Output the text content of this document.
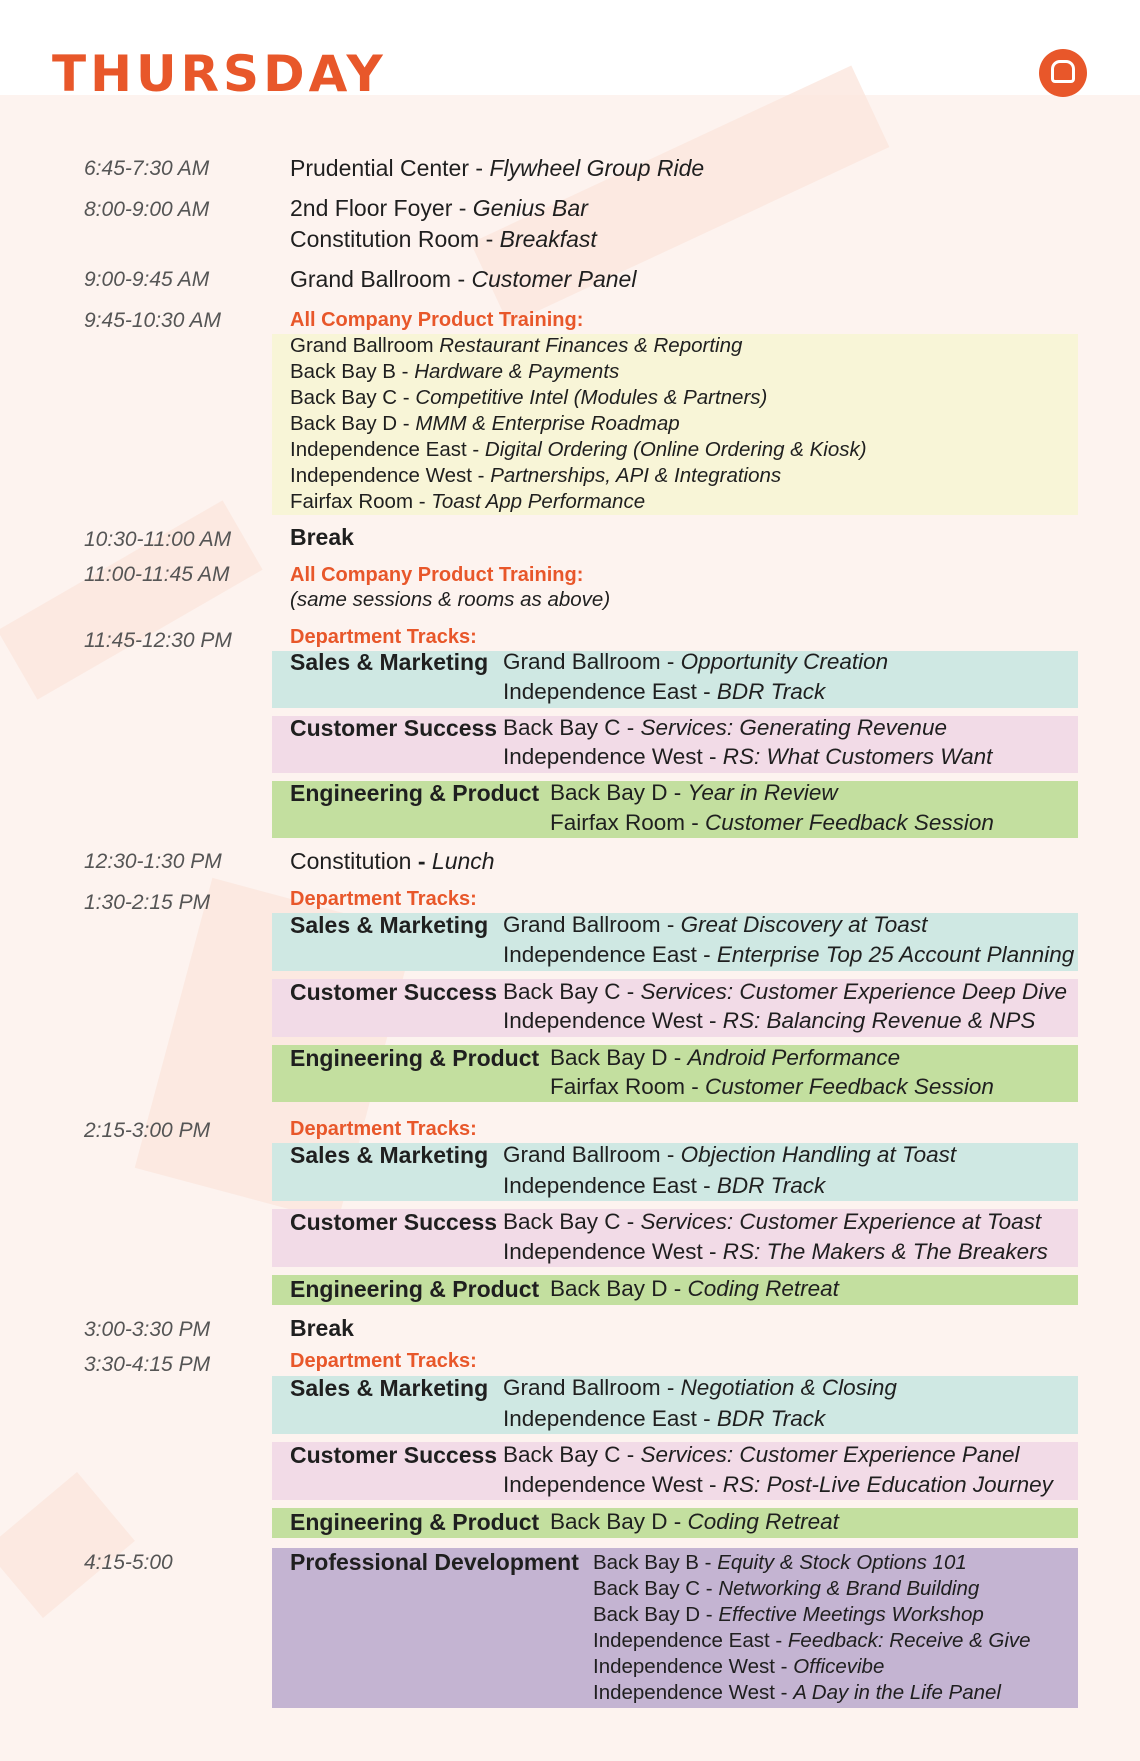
THURSDAY
6:45-7:30 AM	Prudential Center - Flywheel Group Ride
8:00-9:00 AM	2nd Floor Foyer - Genius Bar
Constitution Room - Breakfast
9:00-9:45 AM	Grand Ballroom - Customer Panel
9:45-10:30 AM	All Company Product Training:
Grand Ballroom Restaurant Finances & Reporting
Back Bay B - Hardware & Payments
Back Bay C - Competitive Intel (Modules & Partners)
Back Bay D - MMM & Enterprise Roadmap
Independence East - Digital Ordering (Online Ordering & Kiosk)
Independence West - Partnerships, API & Integrations
Fairfax Room - Toast App Performance
10:30-11:00 AM	Break
11:00-11:45 AM	All Company Product Training:
(same sessions & rooms as above)
11:45-12:30 PM	Department Tracks:
Sales & Marketing Grand Ballroom - Opportunity Creation
Independence East - BDR Track
Customer Success Back Bay C - Services: Generating Revenue
Independence West - RS: What Customers Want
Engineering & Product Back Bay D - Year in Review
Fairfax Room - Customer Feedback Session
12:30-1:30 PM	Constitution - Lunch
1:30-2:15 PM	Department Tracks:
Sales & Marketing Grand Ballroom - Great Discovery at Toast
Independence East - Enterprise Top 25 Account Planning
Customer Success Back Bay C - Services: Customer Experience Deep Dive
Independence West - RS: Balancing Revenue & NPS
Engineering & Product Back Bay D - Android Performance
Fairfax Room - Customer Feedback Session
2:15-3:00 PM	Department Tracks:
Sales & Marketing Grand Ballroom - Objection Handling at Toast
Independence East - BDR Track
Customer Success Back Bay C - Services: Customer Experience at Toast
Independence West - RS: The Makers & The Breakers
Engineering & Product Back Bay D - Coding Retreat
3:00-3:30 PM	Break
3:30-4:15 PM	Department Tracks:
Sales & Marketing Grand Ballroom - Negotiation & Closing
Independence East - BDR Track
Customer Success Back Bay C - Services: Customer Experience Panel
Independence West - RS: Post-Live Education Journey
Engineering & Product Back Bay D - Coding Retreat
4:15-5:00	Professional Development Back Bay B - Equity & Stock Options 101
Back Bay C - Networking & Brand Building
Back Bay D - Effective Meetings Workshop
Independence East - Feedback: Receive & Give
Independence West - Officevibe
Independence West - A Day in the Life Panel
